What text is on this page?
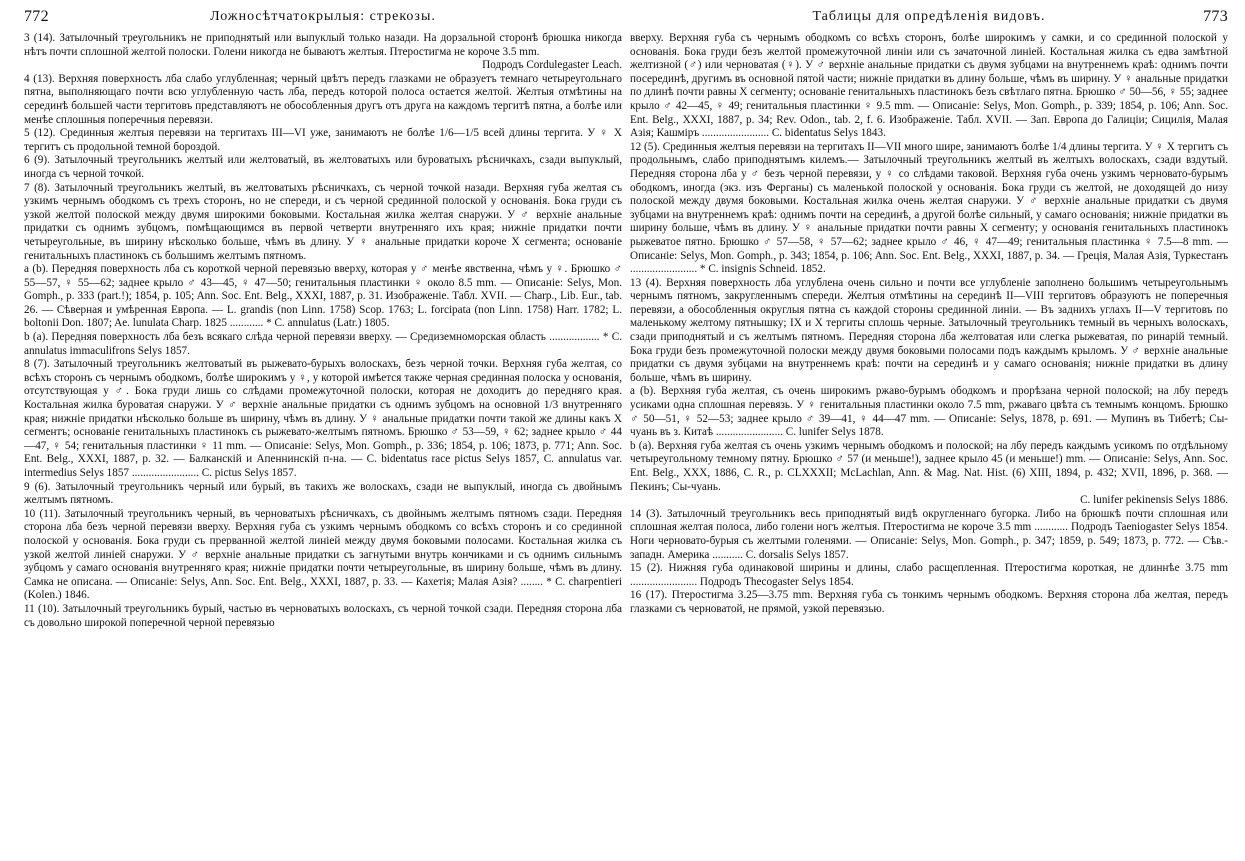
772	Ложносѣтчатокрылыя: стрекозы.

3 (14). Затылочный треугольникъ не приподнятый или выпуклый только назади. На дорзальной сторонѣ брюшка никогда нѣтъ почти сплошной желтой полоски. Голени никогда не бываютъ желтыя. Птеростигма не короче 3.5 mm.

Подродъ Cordulegaster Leach.

4 (13). Верхняя поверхность лба слабо углубленная; черный цвѣтъ передъ глазками не образуетъ темнаго четыреугольнаго пятна, выполняющаго почти всю углубленную часть лба, передъ которой полоса остается желтой. Желтыя отмѣтины на серединѣ большей части тергитовъ представляютъ не обособленныя другъ отъ друга на каждомъ тергитѣ пятна, а болѣе или менѣе сплошныя поперечныя перевязи.

5 (12). Срединныя желтыя перевязи на тергитахъ III—VI уже, занимаютъ не болѣе 1/6—1/5 всей длины тергита. У ♀ X тергитъ съ продольной темной бороздой.

6 (9). Затылочный треугольникъ желтый или желтоватый, въ желтоватыхъ или буроватыхъ рѣсничкахъ, сзади выпуклый, иногда съ черной точкой.

7 (8). Затылочный треугольникъ желтый, въ желтоватыхъ рѣсничкахъ, съ черной точкой назади. Верхняя губа желтая съ узкимъ чернымъ ободкомъ съ трехъ сторонъ, но не спереди, и съ черной срединной полоской у основанія. Бока груди съ узкой желтой полоской между двумя широкими боковыми. Костальная жилка желтая снаружи. У ♂ верхніе анальные придатки съ однимъ зубцомъ, помѣщающимся въ первой четверти внутренняго ихъ края; нижніе придатки почти четыреугольные, въ ширину нѣсколько больше, чѣмъ въ длину. У ♀ анальные придатки короче X сегмента; основаніе генитальныхъ пластинокъ съ большимъ желтымъ пятномъ.

a (b). Передняя поверхность лба съ короткой черной перевязью вверху, которая у ♂ менѣе явственна, чѣмъ у ♀. Брюшко ♂ 55—57, ♀ 55—62; заднее крыло ♂ 43—45, ♀ 47—50; генитальныя пластинки ♀ около 8.5 mm. — Описаніе: Selys, Mon. Gomph., p. 333 (part.!); 1854, p. 105; Ann. Soc. Ent. Belg., XXXI, 1887, p. 31. Изображеніе. Табл. XVII. — Charp., Lib. Eur., tab. 26. — Сѣверная и умѣренная Европа. — L. grandis (non Linn. 1758) Scop. 1763; L. forcipata (non Linn. 1758) Harr. 1782; L. boltonii Don. 1807; Ae. lunulata Charp. 1825 ............ * C. annulatus (Latr.) 1805.

b (a). Передняя поверхность лба безъ всякаго слѣда черной перевязи вверху. — Средиземноморская область .................. * C. annulatus immaculifrons Selys 1857.

8 (7). Затылочный треугольникъ желтоватый въ рыжевато-бурыхъ волоскахъ, безъ черной точки. Верхняя губа желтая, со всѣхъ сторонъ съ чернымъ ободкомъ, болѣе широкимъ у ♀, у которой имѣется также черная срединная полоска у основанія, отсутствующая у ♂. Бока груди лишь со слѣдами промежуточной полоски, которая не доходитъ до передняго края. Костальная жилка буроватая снаружи. У ♂ верхніе анальные придатки съ однимъ зубцомъ на основной 1/3 внутренняго края; нижніе придатки нѣсколько больше въ ширину, чѣмъ въ длину. У ♀ анальные придатки почти такой же длины какъ X сегментъ; основаніе генитальныхъ пластинокъ съ рыжевато-желтымъ пятномъ. Брюшко ♂ 53—59, ♀ 62; заднее крыло ♂ 44—47, ♀ 54; генитальныя пластинки ♀ 11 mm. — Описаніе: Selys, Mon. Gomph., p. 336; 1854, p. 106; 1873, p. 771; Ann. Soc. Ent. Belg., XXXI, 1887, p. 32. — Балканскій и Апеннинскій п-на. — C. bidentatus race pictus Selys 1857, C. annulatus var. intermedius Selys 1857 ........................ C. pictus Selys 1857.

9 (6). Затылочный треугольникъ черный или бурый, въ такихъ же волоскахъ, сзади не выпуклый, иногда съ двойнымъ желтымъ пятномъ.

10 (11). Затылочный треугольникъ черный, въ черноватыхъ рѣсничкахъ, съ двойнымъ желтымъ пятномъ сзади. Передняя сторона лба безъ черной перевязи вверху. Верхняя губа съ узкимъ чернымъ ободкомъ со всѣхъ сторонъ и со срединной полоской у основанія. Бока груди съ прерванной желтой линіей между двумя боковыми полосами. Костальная жилка съ узкой желтой линіей снаружи. У ♂ верхніе анальные придатки съ загнутыми внутрь кончиками и съ однимъ сильнымъ зубцомъ у самаго основанія внутренняго края; нижніе придатки почти четыреугольные, въ ширину больше, чѣмъ въ длину. Самка не описана. — Описаніе: Selys, Ann. Soc. Ent. Belg., XXXI, 1887, p. 33. — Кахетія; Малая Азія? ........ * C. charpentieri (Kolen.) 1846.

11 (10). Затылочный треугольникъ бурый, частью въ черноватыхъ волоскахъ, съ черной точкой сзади. Передняя сторона лба съ довольно широкой поперечной черной перевязью

Таблицы для опредѣленія видовъ.	773

вверху. Верхняя губа съ чернымъ ободкомъ со всѣхъ сторонъ, болѣе широкимъ у самки, и со срединной полоской у основанія. Бока груди безъ желтой промежуточной линіи или съ зачаточной линіей. Костальная жилка съ едва замѣтной желтизной (♂) или черноватая (♀). У ♂ верхніе анальные придатки съ двумя зубцами на внутреннемъ краѣ: однимъ почти посерединѣ, другимъ въ основной пятой части; нижніе придатки въ длину больше, чѣмъ въ ширину. У ♀ анальные придатки по длинѣ почти равны X сегменту; основаніе генитальныхъ пластинокъ безъ свѣтлаго пятна. Брюшко ♂ 50—56, ♀ 55; заднее крыло ♂ 42—45, ♀ 49; генитальныя пластинки ♀ 9.5 mm. — Описаніе: Selys, Mon. Gomph., p. 339; 1854, p. 106; Ann. Soc. Ent. Belg., XXXI, 1887, p. 34; Rev. Odon., tab. 2, f. 6. Изображеніе. Табл. XVII. — Зап. Европа до Галиціи; Сицилія, Малая Азія; Кашміръ ........................ C. bidentatus Selys 1843.

12 (5). Срединныя желтыя перевязи на тергитахъ II—VII много шире, занимаютъ болѣе 1/4 длины тергита. У ♀ X тергитъ съ продольнымъ, слабо приподнятымъ килемъ.— Затылочный треугольникъ желтый въ желтыхъ волоскахъ, сзади вздутый. Передняя сторона лба у ♂ безъ черной перевязи, у ♀ со слѣдами таковой. Верхняя губа очень узкимъ черновато-бурымъ ободкомъ, иногда (экз. изъ Ферганы) съ маленькой полоской у основанія. Бока груди съ желтой, не доходящей до низу полоской между двумя боковыми. Костальная жилка очень желтая снаружи. У ♂ верхніе анальные придатки съ двумя зубцами на внутреннемъ краѣ: однимъ почти на серединѣ, а другой болѣе сильный, у самаго основанія; нижніе придатки въ ширину больше, чѣмъ въ длину. У ♀ анальные придатки почти равны X сегменту; у основанія генитальныхъ пластинокъ рыжеватое пятно. Брюшко ♂ 57—58, ♀ 57—62; заднее крыло ♂ 46, ♀ 47—49; генитальныя пластинка ♀ 7.5—8 mm. — Описаніе: Selys, Mon. Gomph., p. 343; 1854, p. 106; Ann. Soc. Ent. Belg., XXXI, 1887, p. 34. — Греція, Малая Азія, Туркестанъ ........................ * C. insignis Schneid. 1852.

13 (4). Верхняя поверхность лба углублена очень сильно и почти все углубленіе заполнено большимъ четыреугольнымъ чернымъ пятномъ, закругленнымъ спереди. Желтыя отмѣтины на серединѣ II—VIII тергитовъ образуютъ не поперечныя перевязи, а обособленныя округлыя пятна съ каждой стороны срединной линіи. — Въ заднихъ углахъ II—V тергитовъ по маленькому желтому пятнышку; IX и X тергиты сплошь черные. Затылочный треугольникъ темный въ черныхъ волоскахъ, сзади приподнятый и съ желтымъ пятномъ. Передняя сторона лба желтоватая или слегка рыжеватая, по ринарій темный. Бока груди безъ промежуточной полоски между двумя боковыми полосами подъ каждымъ крыломъ. У ♂ верхніе анальные придатки съ двумя зубцами на внутреннемъ краѣ: почти на серединѣ и у самаго основанія; нижніе придатки въ длину больше, чѣмъ въ ширину.

a (b). Верхняя губа желтая, съ очень широкимъ ржаво-бурымъ ободкомъ и прорѣзана черной полоской; на лбу передъ усиками одна сплошная перевязь. У ♀ генитальныя пластинки около 7.5 mm, ржаваго цвѣта съ темнымъ концомъ. Брюшко ♂ 50—51, ♀ 52—53; заднее крыло ♂ 39—41, ♀ 44—47 mm. — Описаніе: Selys, 1878, p. 691. — Мупинъ въ Тибетѣ; Сы-чуань въ з. Китаѣ ........................ C. lunifer Selys 1878.

b (a). Верхняя губа желтая съ очень узкимъ чернымъ ободкомъ и полоской; на лбу передъ каждымъ усикомъ по отдѣльному четыреугольному темному пятну. Брюшко ♂ 57 (и меньше!), заднее крыло 45 (и меньше!) mm. — Описаніе: Selys, Ann. Soc. Ent. Belg., XXX, 1886, C. R., p. CLXXXII; McLachlan, Ann. & Mag. Nat. Hist. (6) XIII, 1894, p. 432; XVII, 1896, p. 368. — Пекинъ; Сы-чуань.

C. lunifer pekinensis Selys 1886.

14 (3). Затылочный треугольникъ весь приподнятый видѣ округленнаго бугорка. Либо на брюшкѣ почти сплошная или сплошная желтая полоса, либо голени ногъ желтыя. Птеростигма не короче 3.5 mm ............ Подродъ Taeniogaster Selys 1854. Ноги черновато-бурыя съ желтыми голенями. — Описаніе: Selys, Mon. Gomph., p. 347; 1859, p. 549; 1873, p. 772. — Сѣв.-западн. Америка ........... C. dorsalis Selys 1857.

15 (2). Нижняя губа одинаковой ширины и длины, слабо расщепленная. Птеростигма короткая, не длиннѣе 3.75 mm ........................ Подродъ Thecogaster Selys 1854.

16 (17). Птеростигма 3.25—3.75 mm. Верхняя губа съ тонкимъ чернымъ ободкомъ. Верхняя сторона лба желтая, передъ глазками съ черноватой, не прямой, узкой перевязью.
